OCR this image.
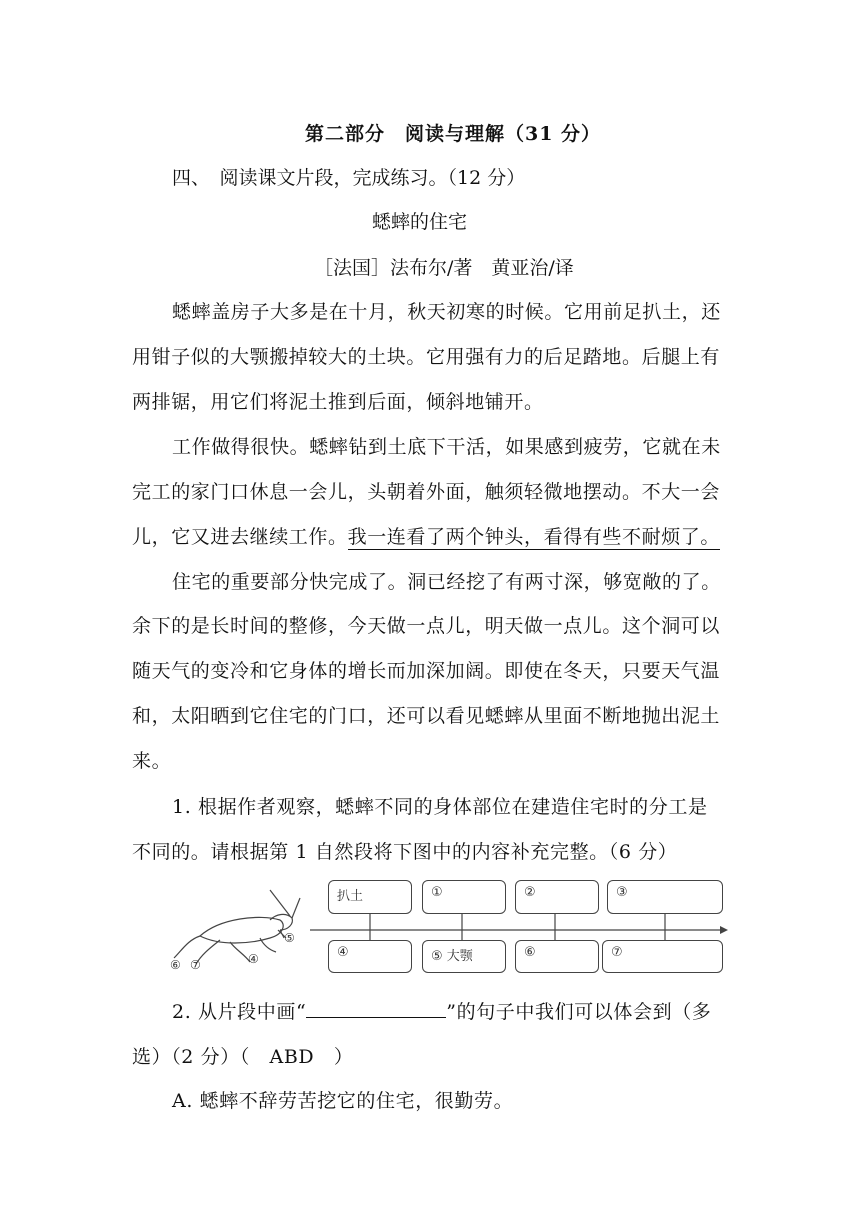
第二部分　阅读与理解（31 分）
四、　阅读课文片段，完成练习。（12 分）
蟋蟀的住宅
［法国］法布尔/著　黄亚治/译
蟋蟀盖房子大多是在十月，秋天初寒的时候。它用前足扒土，还
用钳子似的大颚搬掉较大的土块。它用强有力的后足踏地。后腿上有
两排锯，用它们将泥土推到后面，倾斜地铺开。
工作做得很快。蟋蟀钻到土底下干活，如果感到疲劳，它就在未
完工的家门口休息一会儿，头朝着外面，触须轻微地摆动。不大一会
儿，它又进去继续工作。我一连看了两个钟头，看得有些不耐烦了。
住宅的重要部分快完成了。洞已经挖了有两寸深，够宽敞的了。
余下的是长时间的整修，今天做一点儿，明天做一点儿。这个洞可以
随天气的变冷和它身体的增长而加深加阔。即使在冬天，只要天气温
和，太阳晒到它住宅的门口，还可以看见蟋蟀从里面不断地抛出泥土
来。
1. 根据作者观察，蟋蟀不同的身体部位在建造住宅时的分工是
不同的。请根据第 1 自然段将下图中的内容补充完整。（6 分）
扒土	①	②	③
④	⑤ 大颚	⑥	⑦
⑤
④
⑥ ⑦
2. 从片段中画“	”的句子中我们可以体会到（多
选）（2 分）（　ABD　）
A. 蟋蟀不辞劳苦挖它的住宅，很勤劳。
